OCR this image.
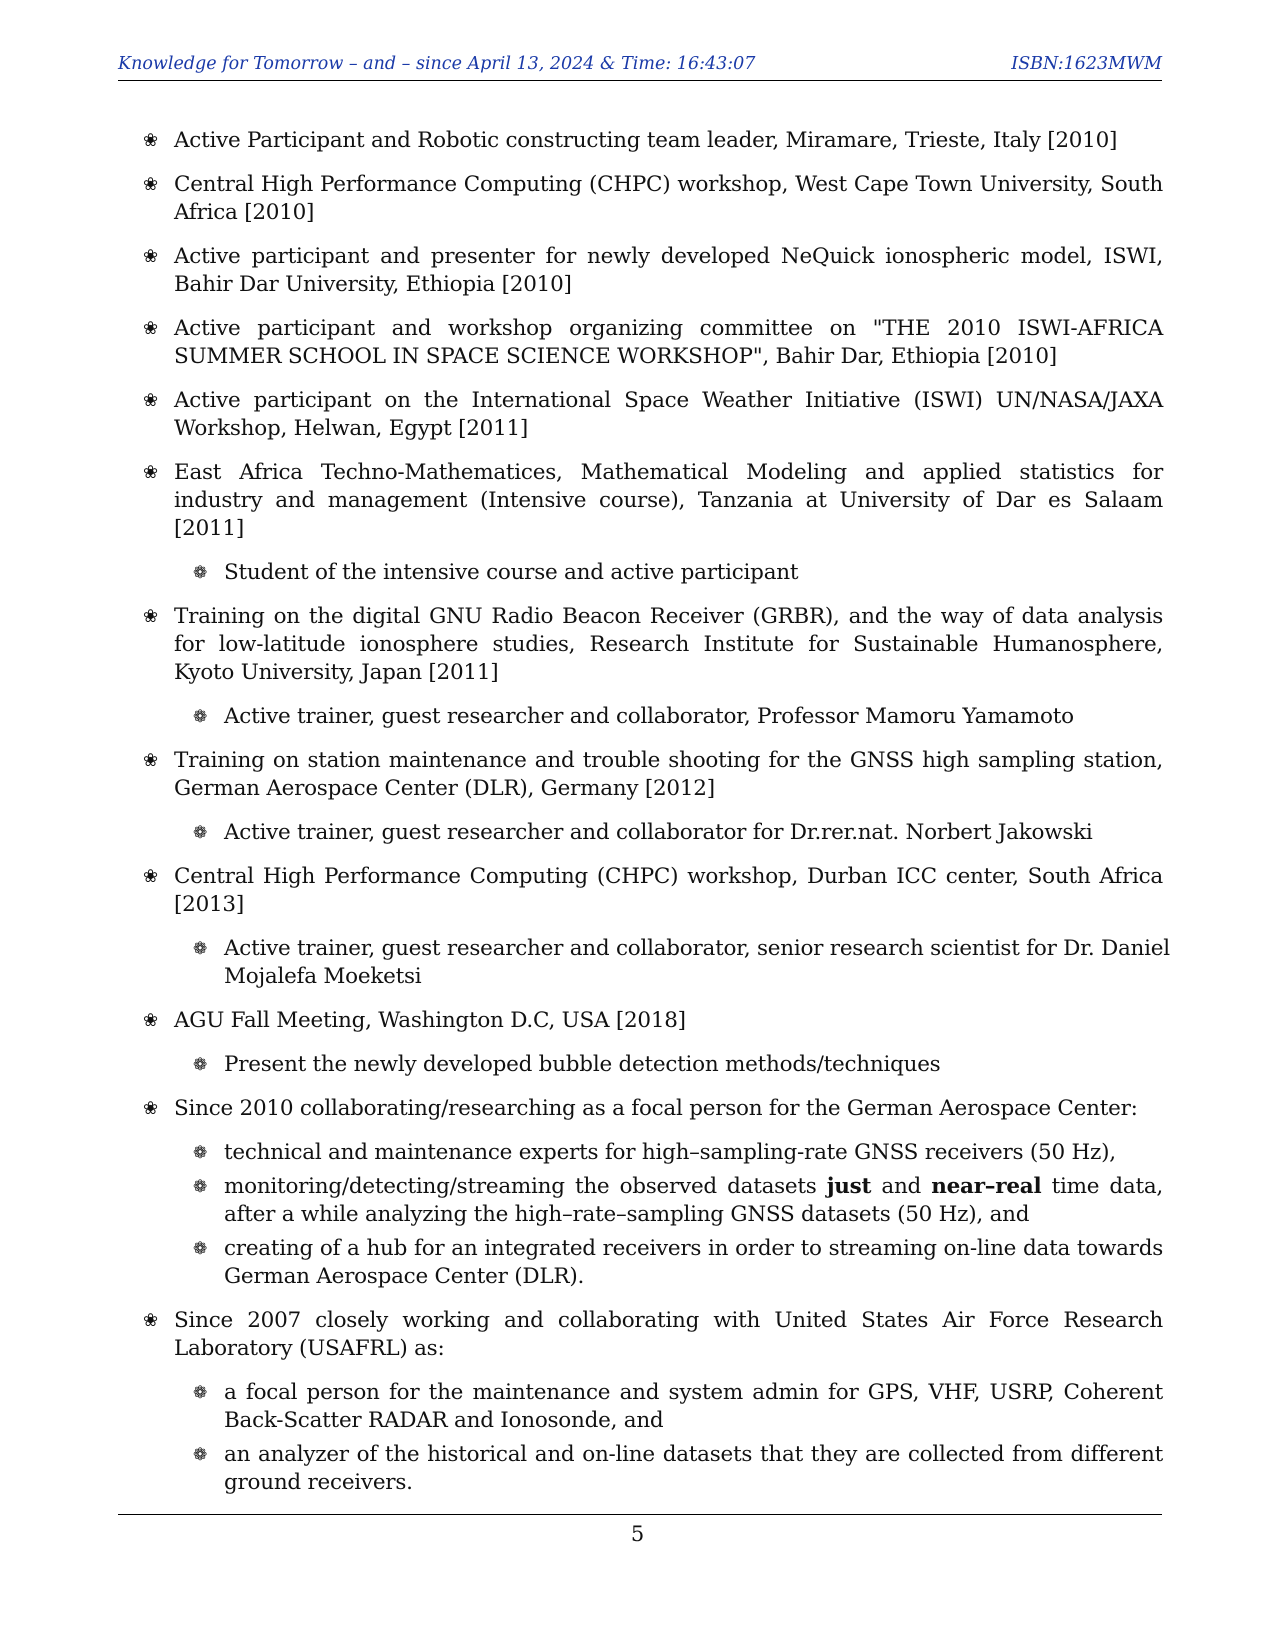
Knowledge for Tomorrow – and – since April 13, 2024 & Time: 16:43:07	ISBN:1623MWM
❀ Active Participant and Robotic constructing team leader, Miramare, Trieste, Italy [2010]
❀ Central High Performance Computing (CHPC) workshop, West Cape Town University, South Africa [2010]
❀ Active participant and presenter for newly developed NeQuick ionospheric model, ISWI, Bahir Dar University, Ethiopia [2010]
❀ Active participant and workshop organizing committee on "THE 2010 ISWI-AFRICA SUMMER SCHOOL IN SPACE SCIENCE WORKSHOP", Bahir Dar, Ethiopia [2010]
❀ Active participant on the International Space Weather Initiative (ISWI) UN/NASA/JAXA Workshop, Helwan, Egypt [2011]
❀ East Africa Techno-Mathematices, Mathematical Modeling and applied statistics for industry and management (Intensive course), Tanzania at University of Dar es Salaam [2011]
❁ Student of the intensive course and active participant
❀ Training on the digital GNU Radio Beacon Receiver (GRBR), and the way of data analysis for low-latitude ionosphere studies, Research Institute for Sustainable Humanosphere, Kyoto University, Japan [2011]
❁ Active trainer, guest researcher and collaborator, Professor Mamoru Yamamoto
❀ Training on station maintenance and trouble shooting for the GNSS high sampling station, German Aerospace Center (DLR), Germany [2012]
❁ Active trainer, guest researcher and collaborator for Dr.rer.nat. Norbert Jakowski
❀ Central High Performance Computing (CHPC) workshop, Durban ICC center, South Africa [2013]
❁ Active trainer, guest researcher and collaborator, senior research scientist for Dr. Daniel Mojalefa Moeketsi
❀ AGU Fall Meeting, Washington D.C, USA [2018]
❁ Present the newly developed bubble detection methods/techniques
❀ Since 2010 collaborating/researching as a focal person for the German Aerospace Center:
❁ technical and maintenance experts for high–sampling-rate GNSS receivers (50 Hz),
❁ monitoring/detecting/streaming the observed datasets just and near–real time data, after a while analyzing the high–rate–sampling GNSS datasets (50 Hz), and
❁ creating of a hub for an integrated receivers in order to streaming on-line data towards German Aerospace Center (DLR).
❀ Since 2007 closely working and collaborating with United States Air Force Research Laboratory (USAFRL) as:
❁ a focal person for the maintenance and system admin for GPS, VHF, USRP, Coherent Back-Scatter RADAR and Ionosonde, and
❁ an analyzer of the historical and on-line datasets that they are collected from different ground receivers.
5
